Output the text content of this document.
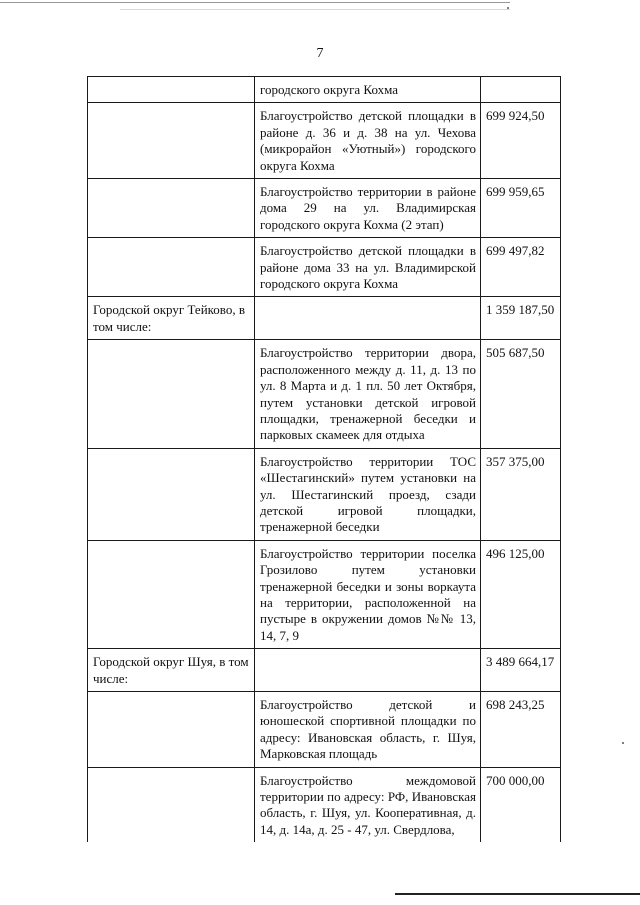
7
	городского округа Кохма	
	Благоустройство детской площадки в районе д. 36 и д. 38 на ул. Чехова (микрорайон «Уютный») городского округа Кохма	699 924,50
	Благоустройство территории в районе дома 29 на ул. Владимирская городского округа Кохма (2 этап)	699 959,65
	Благоустройство детской площадки в районе дома 33 на ул. Владимирской городского округа Кохма	699 497,82
Городской округ Тейково, в том числе:		1 359 187,50
	Благоустройство территории двора, расположенного между д. 11, д. 13 по ул. 8 Марта и д. 1 пл. 50 лет Октября, путем установки детской игровой площадки, тренажерной беседки и парковых скамеек для отдыха	505 687,50
	Благоустройство территории ТОС «Шестагинский» путем установки на ул. Шестагинский проезд, сзади детской игровой площадки, тренажерной беседки	357 375,00
	Благоустройство территории поселка Грозилово путем установки тренажерной беседки и зоны воркаута на территории, расположенной на пустыре в окружении домов №№ 13, 14, 7, 9	496 125,00
Городской округ Шуя, в том числе:		3 489 664,17
	Благоустройство детской и юношеской спортивной площадки по адресу: Ивановская область, г. Шуя, Марковская площадь	698 243,25
	Благоустройство междомовой территории по адресу: РФ, Ивановская область, г. Шуя, ул. Кооперативная, д. 14, д. 14а, д. 25 - 47, ул. Свердлова,	700 000,00
